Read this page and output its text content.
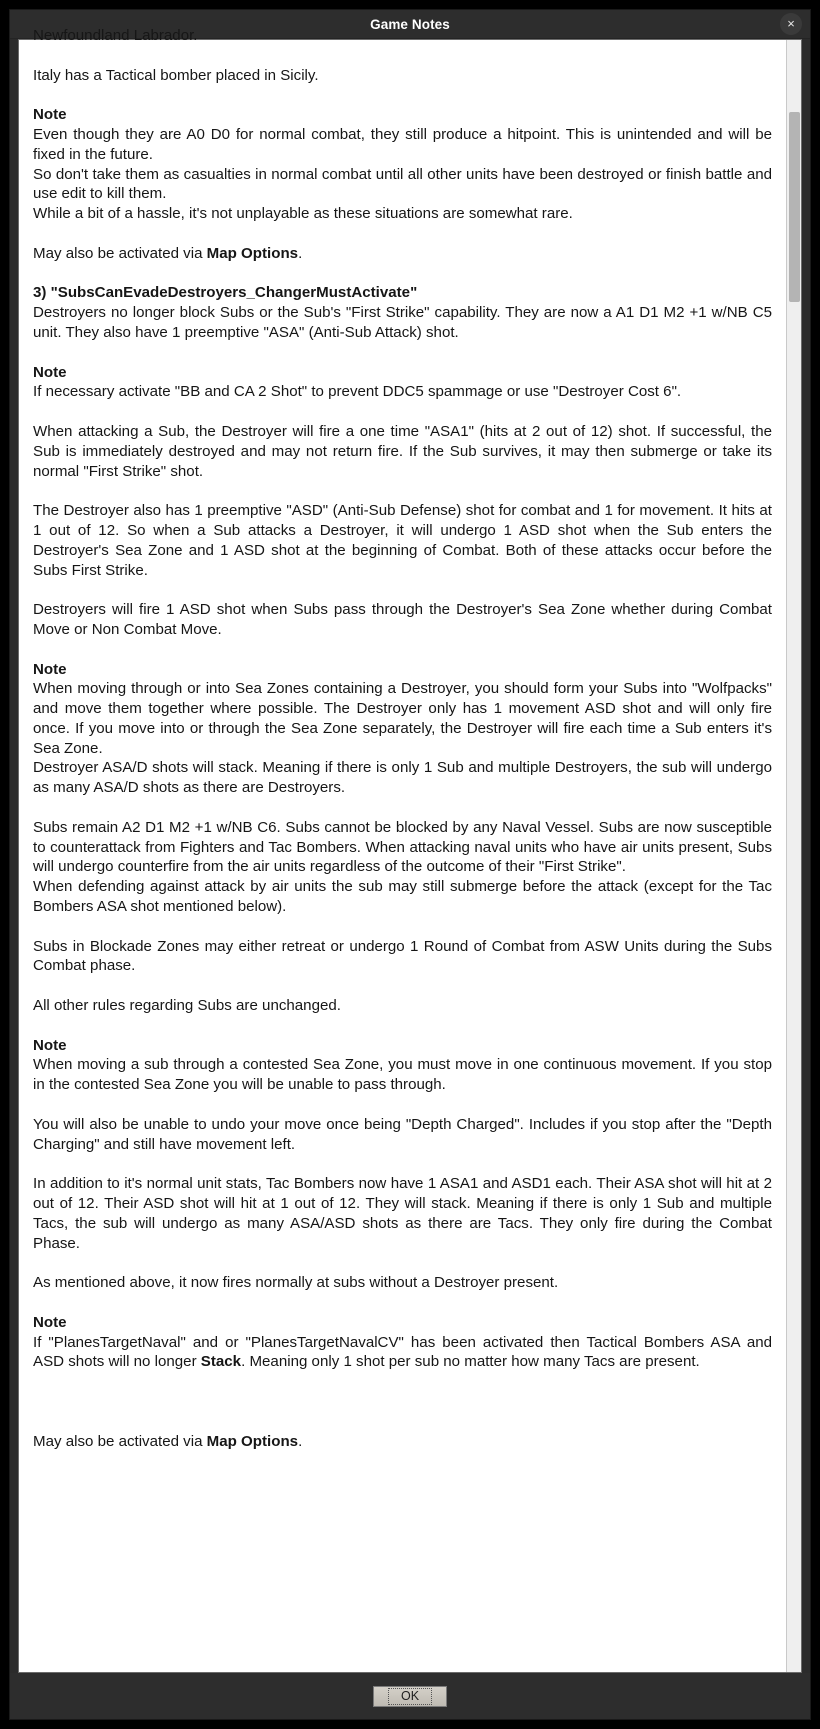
Game Notes	×

Newfoundland Labrador.

Italy has a Tactical bomber placed in Sicily.

Note

Even though they are A0 D0 for normal combat, they still produce a hitpoint. This is unintended and will be fixed in the future.

So don't take them as casualties in normal combat until all other units have been destroyed or finish battle and use edit to kill them.

While a bit of a hassle, it's not unplayable as these situations are somewhat rare.

May also be activated via Map Options.

3) "SubsCanEvadeDestroyers_ChangerMustActivate"

Destroyers no longer block Subs or the Sub's "First Strike" capability. They are now a A1 D1 M2 +1 w/NB C5 unit. They also have 1 preemptive "ASA" (Anti-Sub Attack) shot.

Note

If necessary activate "BB and CA 2 Shot" to prevent DDC5 spammage or use "Destroyer Cost 6".

When attacking a Sub, the Destroyer will fire a one time "ASA1" (hits at 2 out of 12) shot. If successful, the Sub is immediately destroyed and may not return fire. If the Sub survives, it may then submerge or take its normal "First Strike" shot.

The Destroyer also has 1 preemptive "ASD" (Anti-Sub Defense) shot for combat and 1 for movement. It hits at 1 out of 12. So when a Sub attacks a Destroyer, it will undergo 1 ASD shot when the Sub enters the Destroyer's Sea Zone and 1 ASD shot at the beginning of Combat. Both of these attacks occur before the Subs First Strike.

Destroyers will fire 1 ASD shot when Subs pass through the Destroyer's Sea Zone whether during Combat Move or Non Combat Move.

Note

When moving through or into Sea Zones containing a Destroyer, you should form your Subs into "Wolfpacks" and move them together where possible. The Destroyer only has 1 movement ASD shot and will only fire once. If you move into or through the Sea Zone separately, the Destroyer will fire each time a Sub enters it's Sea Zone.

Destroyer ASA/D shots will stack. Meaning if there is only 1 Sub and multiple Destroyers, the sub will undergo as many ASA/D shots as there are Destroyers.

Subs remain A2 D1 M2 +1 w/NB C6. Subs cannot be blocked by any Naval Vessel. Subs are now susceptible to counterattack from Fighters and Tac Bombers. When attacking naval units who have air units present, Subs will undergo counterfire from the air units regardless of the outcome of their "First Strike".

When defending against attack by air units the sub may still submerge before the attack (except for the Tac Bombers ASA shot mentioned below).

Subs in Blockade Zones may either retreat or undergo 1 Round of Combat from ASW Units during the Subs Combat phase.

All other rules regarding Subs are unchanged.

Note

When moving a sub through a contested Sea Zone, you must move in one continuous movement. If you stop in the contested Sea Zone you will be unable to pass through.

You will also be unable to undo your move once being "Depth Charged". Includes if you stop after the "Depth Charging" and still have movement left.

In addition to it's normal unit stats, Tac Bombers now have 1 ASA1 and ASD1 each. Their ASA shot will hit at 2 out of 12. Their ASD shot will hit at 1 out of 12. They will stack. Meaning if there is only 1 Sub and multiple Tacs, the sub will undergo as many ASA/ASD shots as there are Tacs. They only fire during the Combat Phase.

As mentioned above, it now fires normally at subs without a Destroyer present.

Note

If "PlanesTargetNaval" and or "PlanesTargetNavalCV" has been activated then Tactical Bombers ASA and ASD shots will no longer Stack. Meaning only 1 shot per sub no matter how many Tacs are present.

May also be activated via Map Options.

OK
